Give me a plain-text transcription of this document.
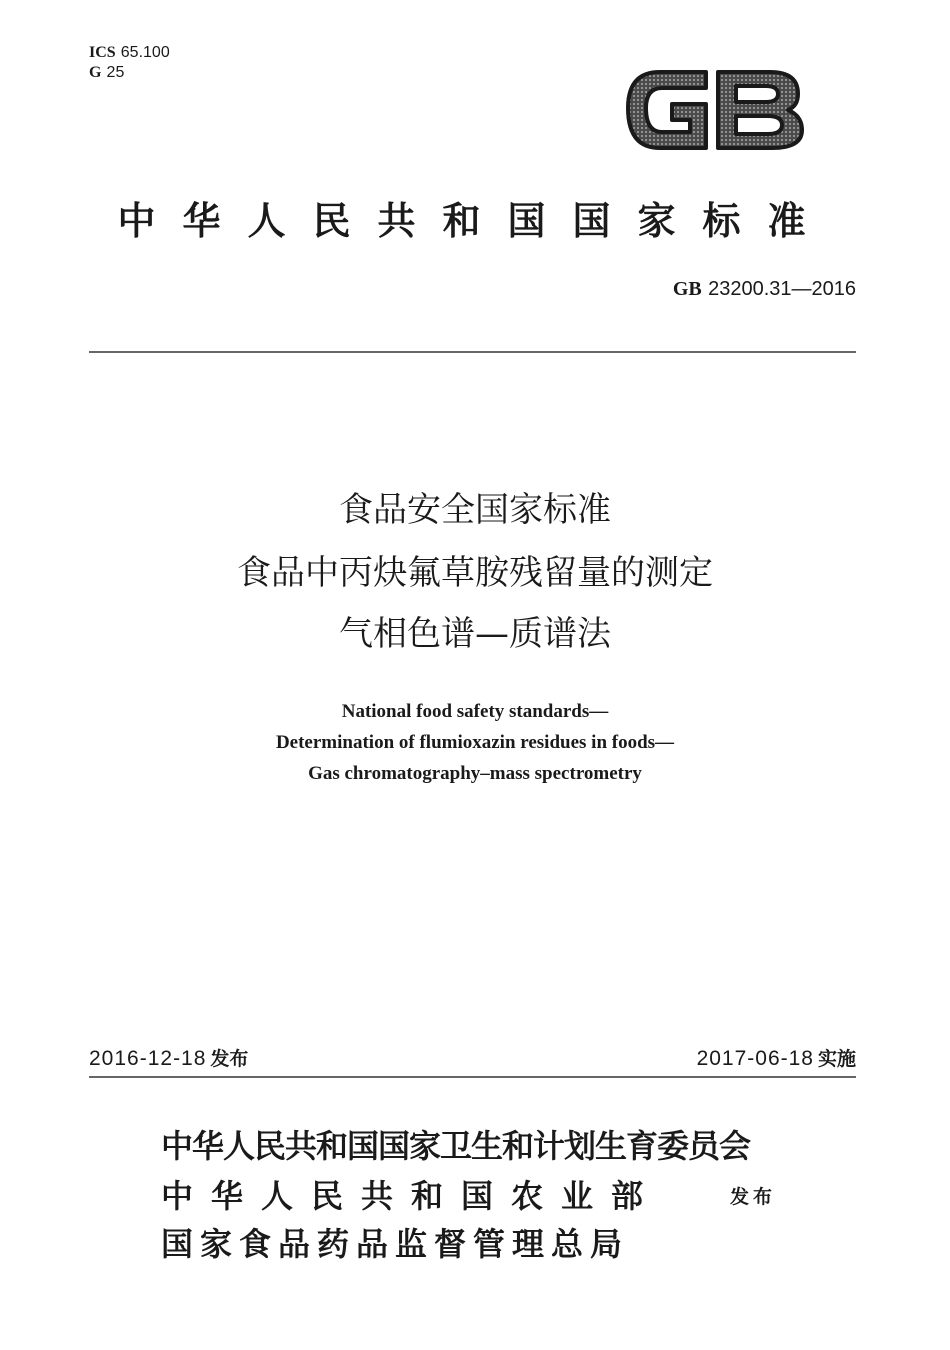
ICS 65.100
G 25
中华人民共和国国家标准
GB 23200.31—2016
食品安全国家标准
食品中丙炔氟草胺残留量的测定
气相色谱—质谱法
National food safety standards—
Determination of flumioxazin residues in foods—
Gas chromatography–mass spectrometry
2016-12-18 发布	2017-06-18 实施
中华人民共和国国家卫生和计划生育委员会
中华人民共和国农业部
国家食品药品监督管理总局
发布
